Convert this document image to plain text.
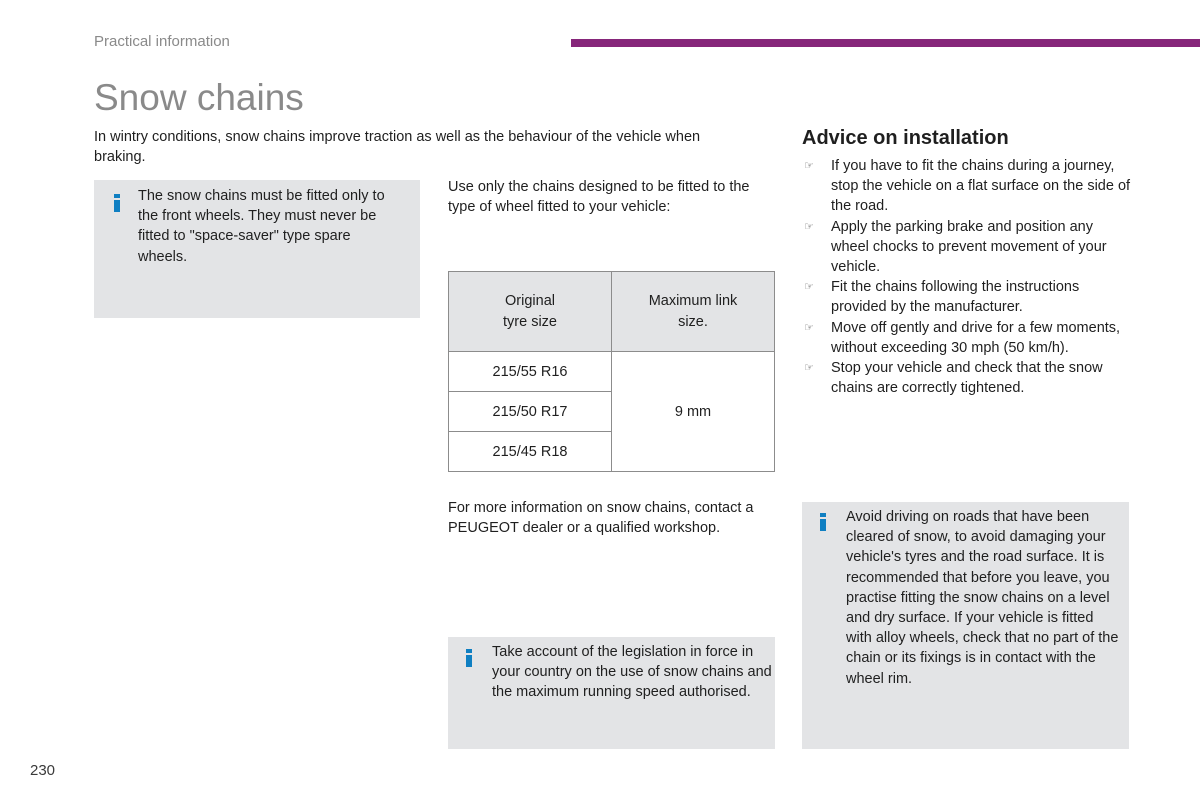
Practical information
Snow chains
In wintry conditions, snow chains improve traction as well as the behaviour of the vehicle when braking.
The snow chains must be fitted only to the front wheels. They must never be fitted to "space-saver" type spare wheels.
Use only the chains designed to be fitted to the type of wheel fitted to your vehicle:
Original tyre size	Maximum link size.
215/55 R16	9 mm
215/50 R17	
215/45 R18	
For more information on snow chains, contact a PEUGEOT dealer or a qualified workshop.
Take account of the legislation in force in your country on the use of snow chains and the maximum running speed authorised.
Advice on installation
☞ If you have to fit the chains during a journey, stop the vehicle on a flat surface on the side of the road.
☞ Apply the parking brake and position any wheel chocks to prevent movement of your vehicle.
☞ Fit the chains following the instructions provided by the manufacturer.
☞ Move off gently and drive for a few moments, without exceeding 30 mph (50 km/h).
☞ Stop your vehicle and check that the snow chains are correctly tightened.
Avoid driving on roads that have been cleared of snow, to avoid damaging your vehicle's tyres and the road surface. It is recommended that before you leave, you practise fitting the snow chains on a level and dry surface. If your vehicle is fitted with alloy wheels, check that no part of the chain or its fixings is in contact with the wheel rim.
230
